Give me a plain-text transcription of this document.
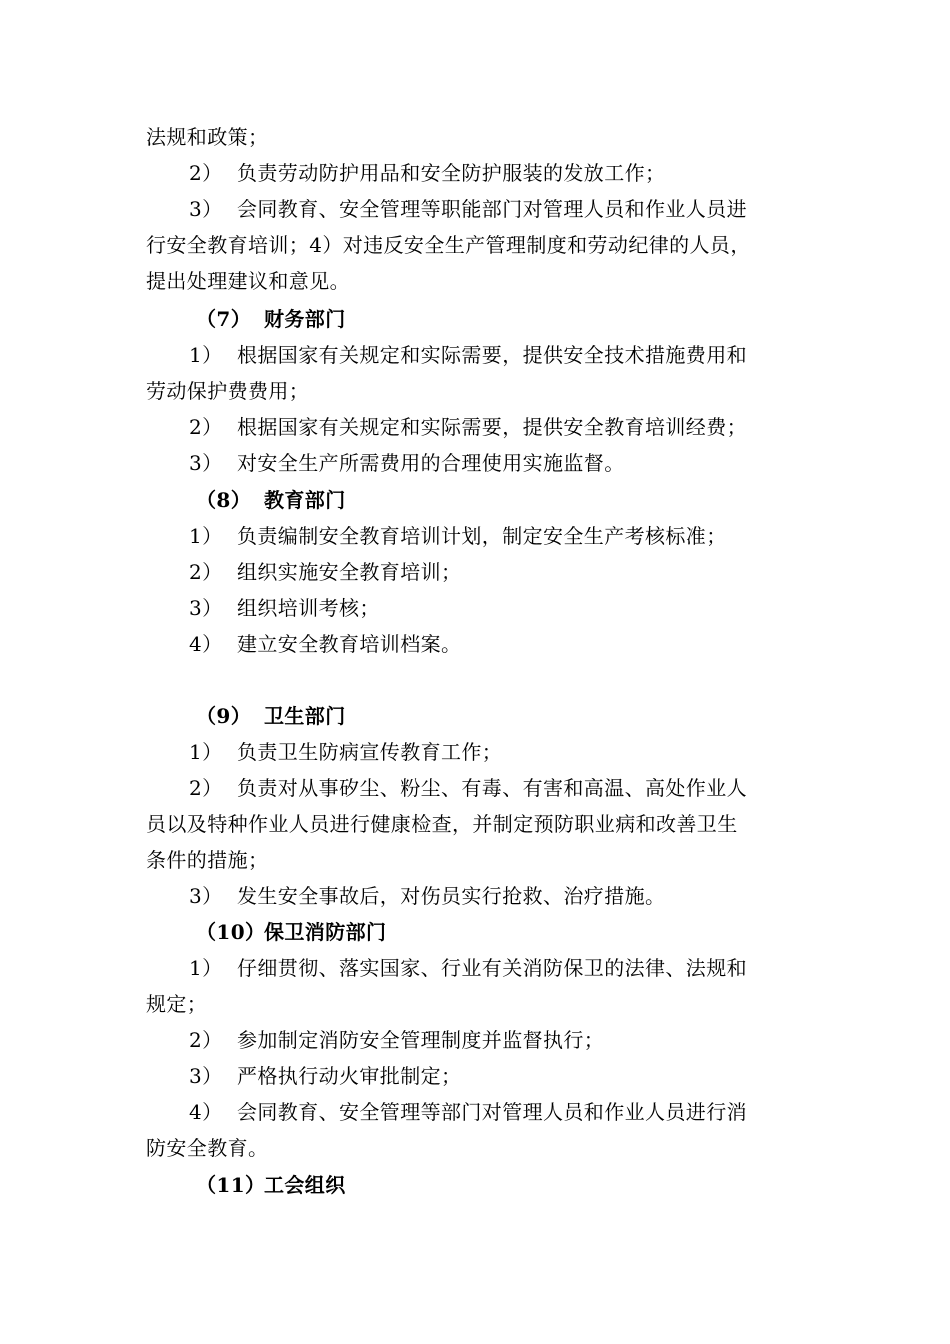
法规和政策；
2） 负责劳动防护用品和安全防护服装的发放工作；
3） 会同教育、安全管理等职能部门对管理人员和作业人员进
行安全教育培训；4）对违反安全生产管理制度和劳动纪律的人员，
提出处理建议和意见。
（7） 财务部门
1） 根据国家有关规定和实际需要，提供安全技术措施费用和
劳动保护费费用；
2） 根据国家有关规定和实际需要，提供安全教育培训经费；
3） 对安全生产所需费用的合理使用实施监督。
（8） 教育部门
1） 负责编制安全教育培训计划，制定安全生产考核标准；
2） 组织实施安全教育培训；
3） 组织培训考核；
4） 建立安全教育培训档案。
（9） 卫生部门
1） 负责卫生防病宣传教育工作；
2） 负责对从事矽尘、粉尘、有毒、有害和高温、高处作业人
员以及特种作业人员进行健康检查，并制定预防职业病和改善卫生
条件的措施；
3） 发生安全事故后，对伤员实行抢救、治疗措施。
（10）保卫消防部门
1） 仔细贯彻、落实国家、行业有关消防保卫的法律、法规和
规定；
2） 参加制定消防安全管理制度并监督执行；
3） 严格执行动火审批制定；
4） 会同教育、安全管理等部门对管理人员和作业人员进行消
防安全教育。
（11）工会组织
